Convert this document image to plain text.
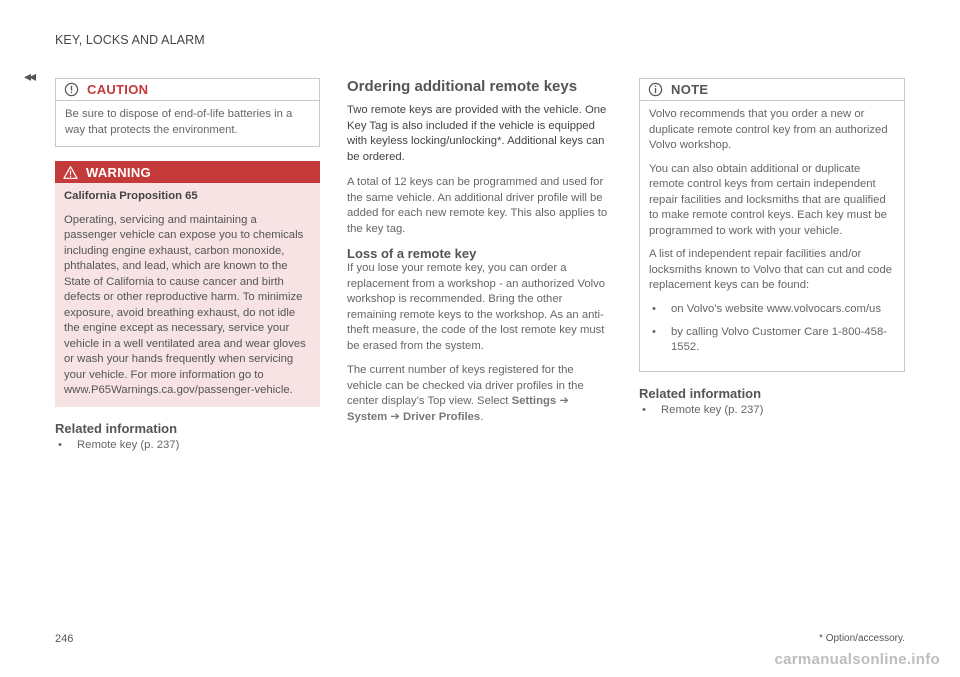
KEY, LOCKS AND ALARM
◂◂
CAUTION

Be sure to dispose of end-of-life batteries in a way that protects the environment.

WARNING

California Proposition 65

Operating, servicing and maintaining a passenger vehicle can expose you to chemicals including engine exhaust, carbon monoxide, phthalates, and lead, which are known to the State of California to cause cancer and birth defects or other reproductive harm. To minimize exposure, avoid breathing exhaust, do not idle the engine except as necessary, service your vehicle in a well ventilated area and wear gloves or wash your hands frequently when servicing your vehicle. For more information go to www.P65Warnings.ca.gov/passenger-vehicle.

Related information
• Remote key (p. 237)
Ordering additional remote keys

Two remote keys are provided with the vehicle. One Key Tag is also included if the vehicle is equipped with keyless locking/unlocking*. Additional keys can be ordered.

A total of 12 keys can be programmed and used for the same vehicle. An additional driver profile will be added for each new remote key. This also applies to the key tag.

Loss of a remote key

If you lose your remote key, you can order a replacement from a workshop - an authorized Volvo workshop is recommended. Bring the other remaining remote keys to the workshop. As an anti-theft measure, the code of the lost remote key must be erased from the system.

The current number of keys registered for the vehicle can be checked via driver profiles in the center display's Top view. Select Settings ➔ System ➔ Driver Profiles.

NOTE

Volvo recommends that you order a new or duplicate remote control key from an authorized Volvo workshop.

You can also obtain additional or duplicate remote control keys from certain independent repair facilities and locksmiths that are qualified to make remote control keys. Each key must be programmed to work with your vehicle.

A list of independent repair facilities and/or locksmiths known to Volvo that can cut and code replacement keys can be found:

• on Volvo's website www.volvocars.com/us
• by calling Volvo Customer Care 1-800-458-1552.
Related information
• Remote key (p. 237)
246	* Option/accessory.
carmanualsonline.info
